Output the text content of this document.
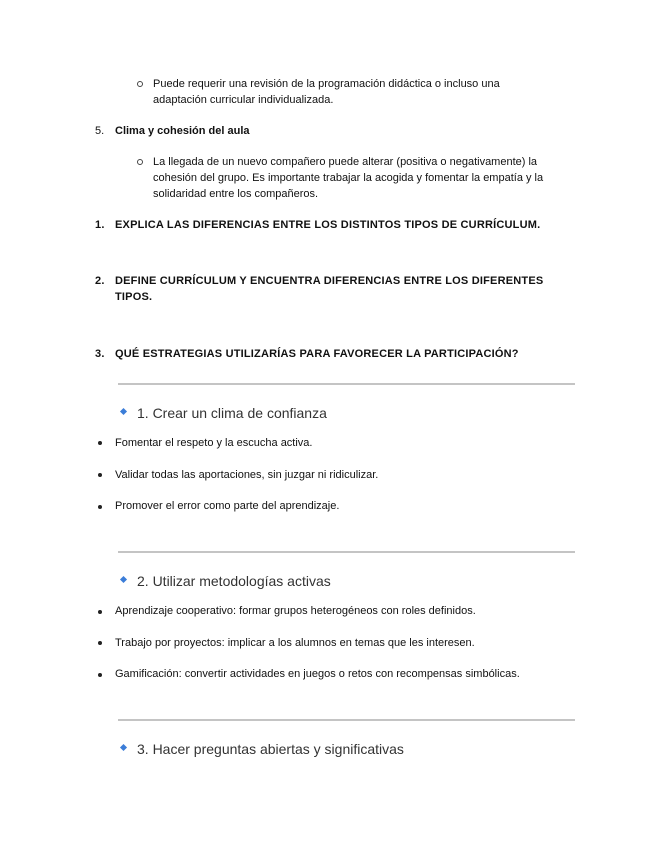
Puede requerir una revisión de la programación didáctica o incluso una adaptación curricular individualizada.
5. Clima y cohesión del aula
La llegada de un nuevo compañero puede alterar (positiva o negativamente) la cohesión del grupo. Es importante trabajar la acogida y fomentar la empatía y la solidaridad entre los compañeros.
1. EXPLICA LAS DIFERENCIAS ENTRE LOS DISTINTOS TIPOS DE CURRÍCULUM.
2. DEFINE CURRÍCULUM Y ENCUENTRA DIFERENCIAS ENTRE LOS DIFERENTES TIPOS.
3. QUÉ ESTRATEGIAS UTILIZARÍAS PARA FAVORECER LA PARTICIPACIÓN?
1. Crear un clima de confianza
Fomentar el respeto y la escucha activa.
Validar todas las aportaciones, sin juzgar ni ridiculizar.
Promover el error como parte del aprendizaje.
2. Utilizar metodologías activas
Aprendizaje cooperativo: formar grupos heterogéneos con roles definidos.
Trabajo por proyectos: implicar a los alumnos en temas que les interesen.
Gamificación: convertir actividades en juegos o retos con recompensas simbólicas.
3. Hacer preguntas abiertas y significativas
